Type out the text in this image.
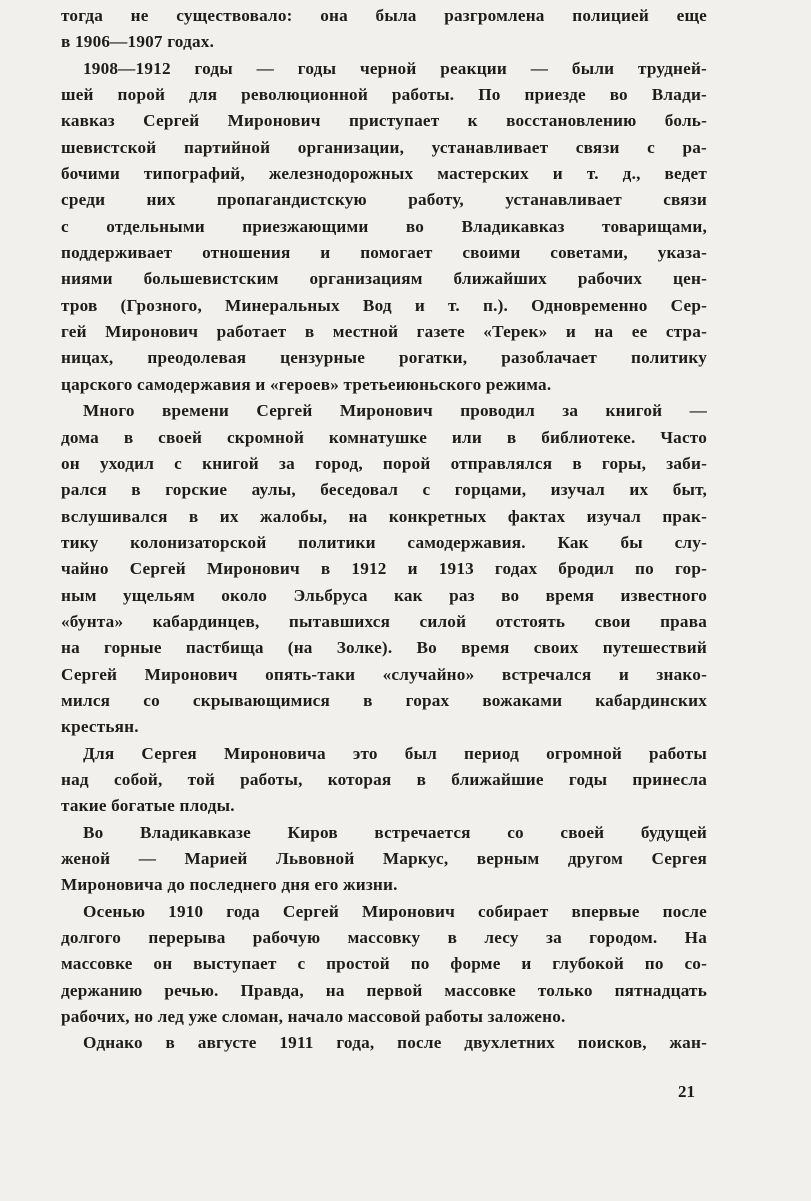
тогда не существовало: она была разгромлена полицией еще
в 1906—1907 годах.
1908—1912 годы — годы черной реакции — были трудней-
шей порой для революционной работы. По приезде во Влади-
кавказ Сергей Миронович приступает к восстановлению боль-
шевистской партийной организации, устанавливает связи с ра-
бочими типографий, железнодорожных мастерских и т. д., ведет
среди них пропагандистскую работу, устанавливает связи
с отдельными приезжающими во Владикавказ товарищами,
поддерживает отношения и помогает своими советами, указа-
ниями большевистским организациям ближайших рабочих цен-
тров (Грозного, Минеральных Вод и т. п.). Одновременно Сер-
гей Миронович работает в местной газете «Терек» и на ее стра-
ницах, преодолевая цензурные рогатки, разоблачает политику
царского самодержавия и «героев» третьеиюньского режима.
Много времени Сергей Миронович проводил за книгой —
дома в своей скромной комнатушке или в библиотеке. Часто
он уходил с книгой за город, порой отправлялся в горы, заби-
рался в горские аулы, беседовал с горцами, изучал их быт,
вслушивался в их жалобы, на конкретных фактах изучал прак-
тику колонизаторской политики самодержавия. Как бы слу-
чайно Сергей Миронович в 1912 и 1913 годах бродил по гор-
ным ущельям около Эльбруса как раз во время известного
«бунта» кабардинцев, пытавшихся силой отстоять свои права
на горные пастбища (на Золке). Во время своих путешествий
Сергей Миронович опять-таки «случайно» встречался и знако-
мился со скрывающимися в горах вожаками кабардинских
крестьян.
Для Сергея Мироновича это был период огромной работы
над собой, той работы, которая в ближайшие годы принесла
такие богатые плоды.
Во Владикавказе Киров встречается со своей будущей
женой — Марией Львовной Маркус, верным другом Сергея
Мироновича до последнего дня его жизни.
Осенью 1910 года Сергей Миронович собирает впервые после
долгого перерыва рабочую массовку в лесу за городом. На
массовке он выступает с простой по форме и глубокой по со-
держанию речью. Правда, на первой массовке только пятнадцать
рабочих, но лед уже сломан, начало массовой работы заложено.
Однако в августе 1911 года, после двухлетних поисков, жан-
21
